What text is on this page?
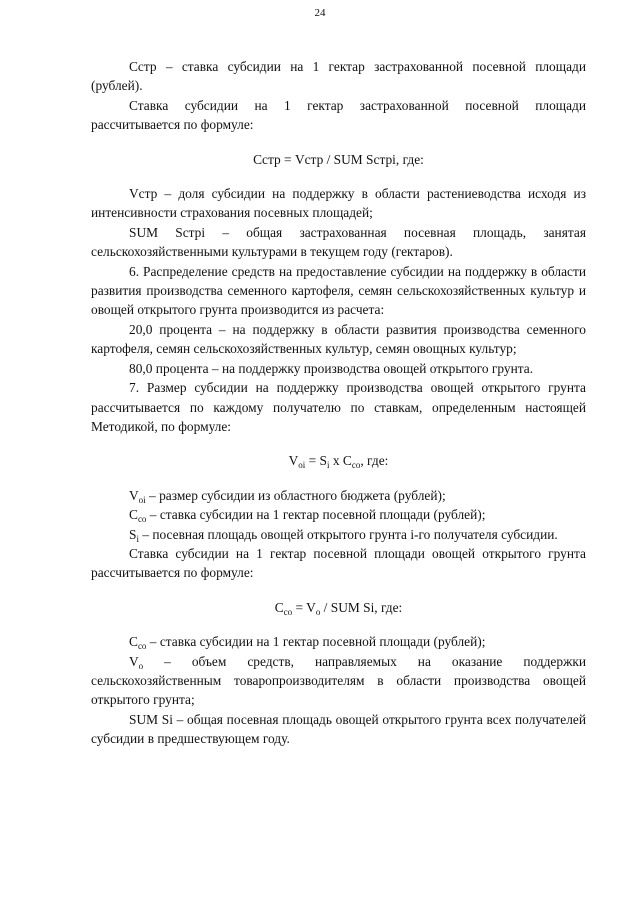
24

Cстр – ставка субсидии на 1 гектар застрахованной посевной площади (рублей).

Ставка субсидии на 1 гектар застрахованной посевной площади рассчитывается по формуле:

Cстр = Vстр / SUM Sстрi, где:

Vстр – доля субсидии на поддержку в области растениеводства исходя из интенсивности страхования посевных площадей;

SUM Sстрi – общая застрахованная посевная площадь, занятая сельскохозяйственными культурами в текущем году (гектаров).

6. Распределение средств на предоставление субсидии на поддержку в области развития производства семенного картофеля, семян сельскохозяйственных культур и овощей открытого грунта производится из расчета:

20,0 процента – на поддержку в области развития производства семенного картофеля, семян сельскохозяйственных культур, семян овощных культур;

80,0 процента – на поддержку производства овощей открытого грунта.

7. Размер субсидии на поддержку производства овощей открытого грунта рассчитывается по каждому получателю по ставкам, определенным настоящей Методикой, по формуле:

$V_{oi} = S_i$ x $C_{co}$, где:

$V_{oi}$ – размер субсидии из областного бюджета (рублей);

$C_{co}$ – ставка субсидии на 1 гектар посевной площади (рублей);

$S_i$ – посевная площадь овощей открытого грунта i-го получателя субсидии.

Ставка субсидии на 1 гектар посевной площади овощей открытого грунта рассчитывается по формуле:

$C_{co} = V_o$ / SUM Si, где:

$C_{co}$ – ставка субсидии на 1 гектар посевной площади (рублей);

$V_o$ – объем средств, направляемых на оказание поддержки сельскохозяйственным товаропроизводителям в области производства овощей открытого грунта;

SUM Si – общая посевная площадь овощей открытого грунта всех получателей субсидии в предшествующем году.
